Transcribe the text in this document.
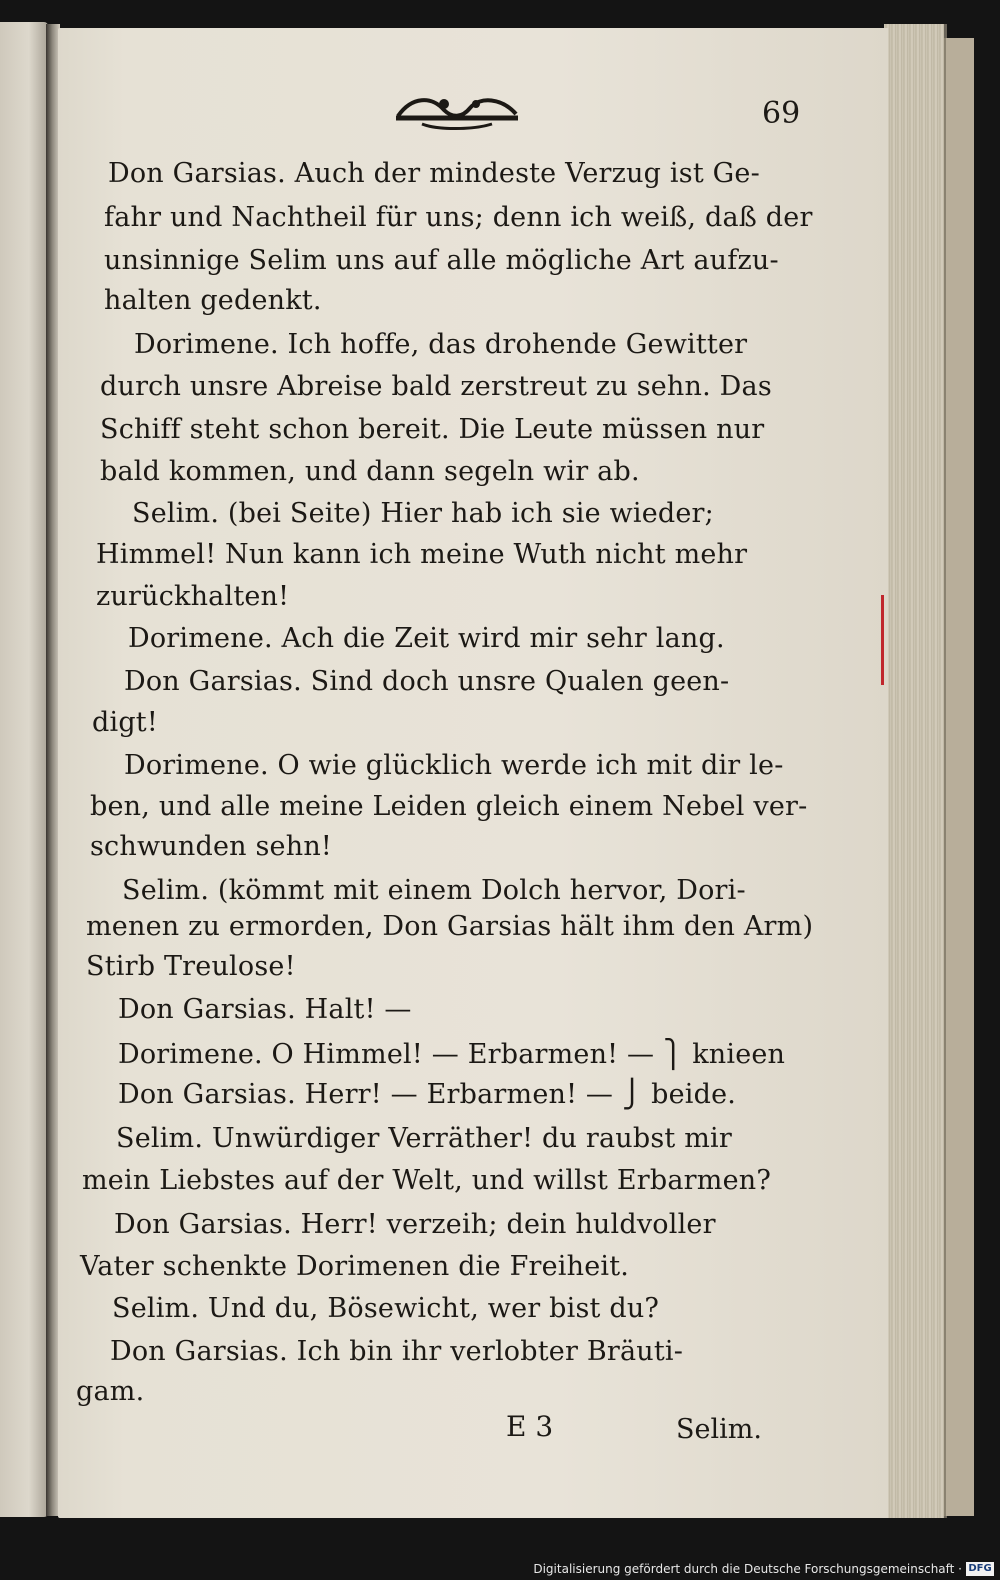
69
Don Garsias. Auch der mindeste Verzug ist Ge-
fahr und Nachtheil für uns; denn ich weiß, daß der
unsinnige Selim uns auf alle mögliche Art aufzu-
halten gedenkt.
Dorimene. Ich hoffe, das drohende Gewitter
durch unsre Abreise bald zerstreut zu sehn. Das
Schiff steht schon bereit. Die Leute müssen nur
bald kommen, und dann segeln wir ab.
Selim. (bei Seite) Hier hab ich sie wieder;
Himmel! Nun kann ich meine Wuth nicht mehr
zurückhalten!
Dorimene. Ach die Zeit wird mir sehr lang.
Don Garsias. Sind doch unsre Qualen geen-
digt!
Dorimene. O wie glücklich werde ich mit dir le-
ben, und alle meine Leiden gleich einem Nebel ver-
schwunden sehn!
Selim. (kömmt mit einem Dolch hervor, Dori-
menen zu ermorden, Don Garsias hält ihm den Arm)
Stirb Treulose!
Don Garsias. Halt! —
Dorimene. O Himmel! — Erbarmen! — ⎫ knieen
Don Garsias. Herr! — Erbarmen! — ⎭ beide.
Selim. Unwürdiger Verräther! du raubst mir
mein Liebstes auf der Welt, und willst Erbarmen?
Don Garsias. Herr! verzeih; dein huldvoller
Vater schenkte Dorimenen die Freiheit.
Selim. Und du, Bösewicht, wer bist du?
Don Garsias. Ich bin ihr verlobter Bräuti-
gam.
E 3	Selim.
Digitalisierung gefördert durch die Deutsche Forschungsgemeinschaft · DFG
